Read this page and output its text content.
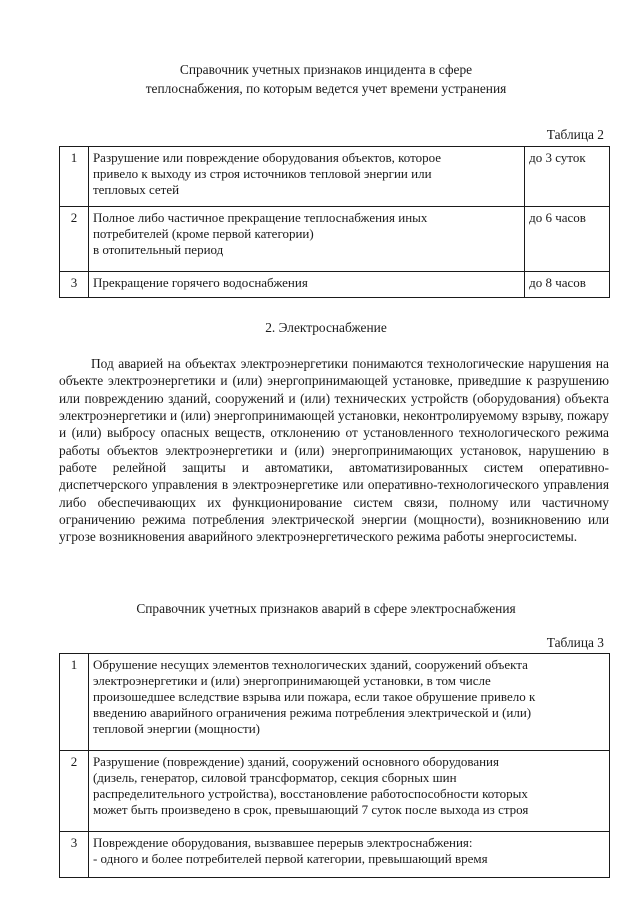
Справочник учетных признаков инцидента в сфере
теплоснабжения, по которым ведется учет времени устранения
Таблица 2
1	Разрушение или повреждение оборудования объектов, которое
привело к выходу из строя источников тепловой энергии или
тепловых сетей	до 3 суток
2	Полное либо частичное прекращение теплоснабжения иных
потребителей (кроме первой категории)
в отопительный период	до 6 часов
3	Прекращение горячего водоснабжения	до 8 часов
2. Электроснабжение
Под аварией на объектах электроэнергетики понимаются технологические нарушения на объекте электроэнергетики и (или) энергопринимающей установке, приведшие к разрушению или повреждению зданий, сооружений и (или) технических устройств (оборудования) объекта электроэнергетики и (или) энергопринимающей установки, неконтролируемому взрыву, пожару и (или) выбросу опасных веществ, отклонению от установленного технологического режима работы объектов электроэнергетики и (или) энергопринимающих установок, нарушению в работе релейной защиты и автоматики, автоматизированных систем оперативно-диспетчерского управления в электроэнергетике или оперативно-технологического управления либо обеспечивающих их функционирование систем связи, полному или частичному ограничению режима потребления электрической энергии (мощности), возникновению или угрозе возникновения аварийного электроэнергетического режима работы энергосистемы.
Справочник учетных признаков аварий в сфере электроснабжения
Таблица 3
1	Обрушение несущих элементов технологических зданий, сооружений объекта
электроэнергетики и (или) энергопринимающей установки, в том числе
произошедшее вследствие взрыва или пожара, если такое обрушение привело к
введению аварийного ограничения режима потребления электрической и (или)
тепловой энергии (мощности)
2	Разрушение (повреждение) зданий, сооружений основного оборудования
(дизель, генератор, силовой трансформатор, секция сборных шин
распределительного устройства), восстановление работоспособности которых
может быть произведено в срок, превышающий 7 суток после выхода из строя
3	Повреждение оборудования, вызвавшее перерыв электроснабжения:
- одного и более потребителей первой категории, превышающий время
